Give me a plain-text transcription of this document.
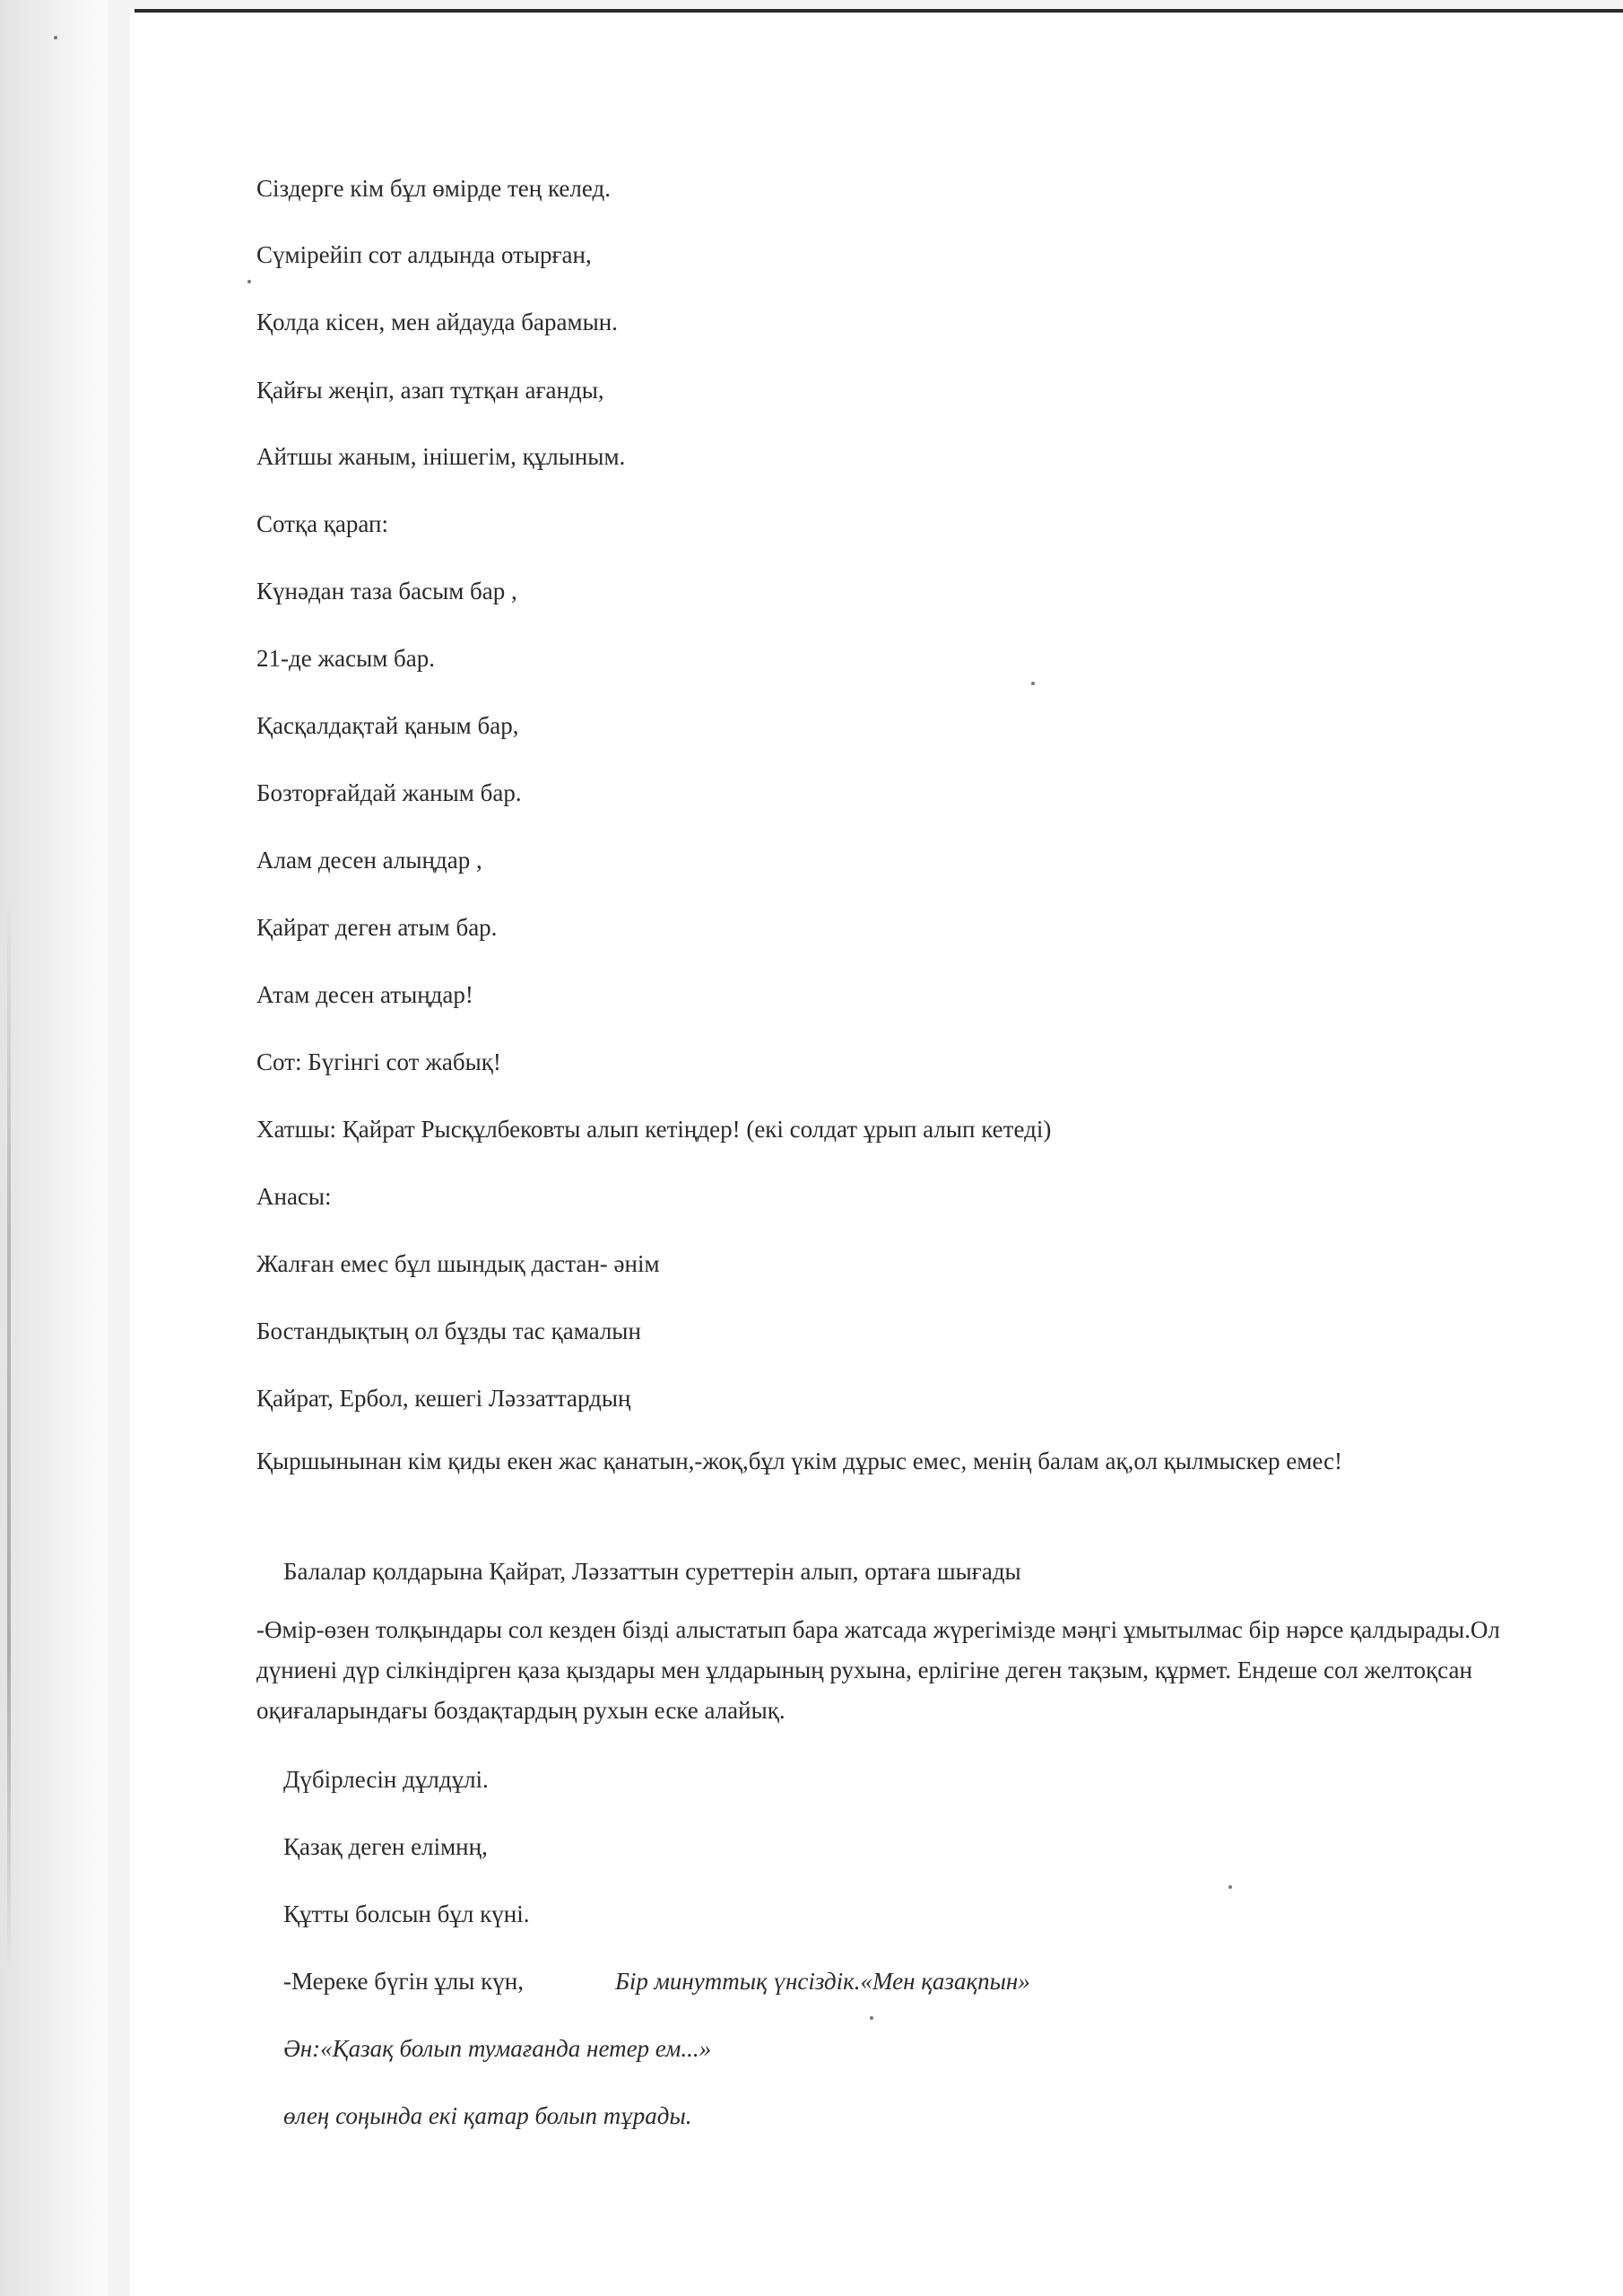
Сіздерге кім бұл өмірде тең келед.
Сүмірейіп сот алдында отырған,
Қолда кісен, мен айдауда барамын.
Қайғы жеңіп, азап тұтқан ағанды,
Айтшы жаным, інішегім, құлыным.
Сотқа қарап:
Күнәдан таза басым бар ,
21-де жасым бар.
Қасқалдақтай қаным бар,
Бозторғайдай жаным бар.
Алам десен алыңдар ,
Қайрат деген атым бар.
Атам десен атыңдар!
Сот: Бүгінгі сот жабық!
Хатшы: Қайрат Рысқұлбековты алып кетіңдер! (екі солдат ұрып алып кетеді)
Анасы:
Жалған емес бұл шындық дастан- әнім
Бостандықтың ол бұзды тас қамалын
Қайрат, Ербол, кешегі Ләззаттардың
Қыршынынан кім қиды екен жас қанатын,-жоқ,бұл үкім дұрыс емес, менің балам ақ,ол қылмыскер емес!
Балалар қолдарына Қайрат, Ләззаттын суреттерін алып, ортаға шығады
-Өмір-өзен толқындары сол кезден бізді алыстатып бара жатсада жүрегімізде мәңгі ұмытылмас бір нәрсе қалдырады.Ол дүниені дүр сілкіндірген қаза қыздары мен ұлдарының рухына, ерлігіне деген тақзым, құрмет. Ендеше сол желтоқсан оқиғаларындағы боздақтардың рухын еске алайық.
Дүбірлесін дұлдұлі.
Қазақ деген елімнң,
Құтты болсын бұл күні.
-Мереке бүгін ұлы күн,	Бір минуттық үнсіздік.«Мен қазақпын»
Ән:«Қазақ болып тумағанда нетер ем...»
өлең соңында екі қатар болып тұрады.
